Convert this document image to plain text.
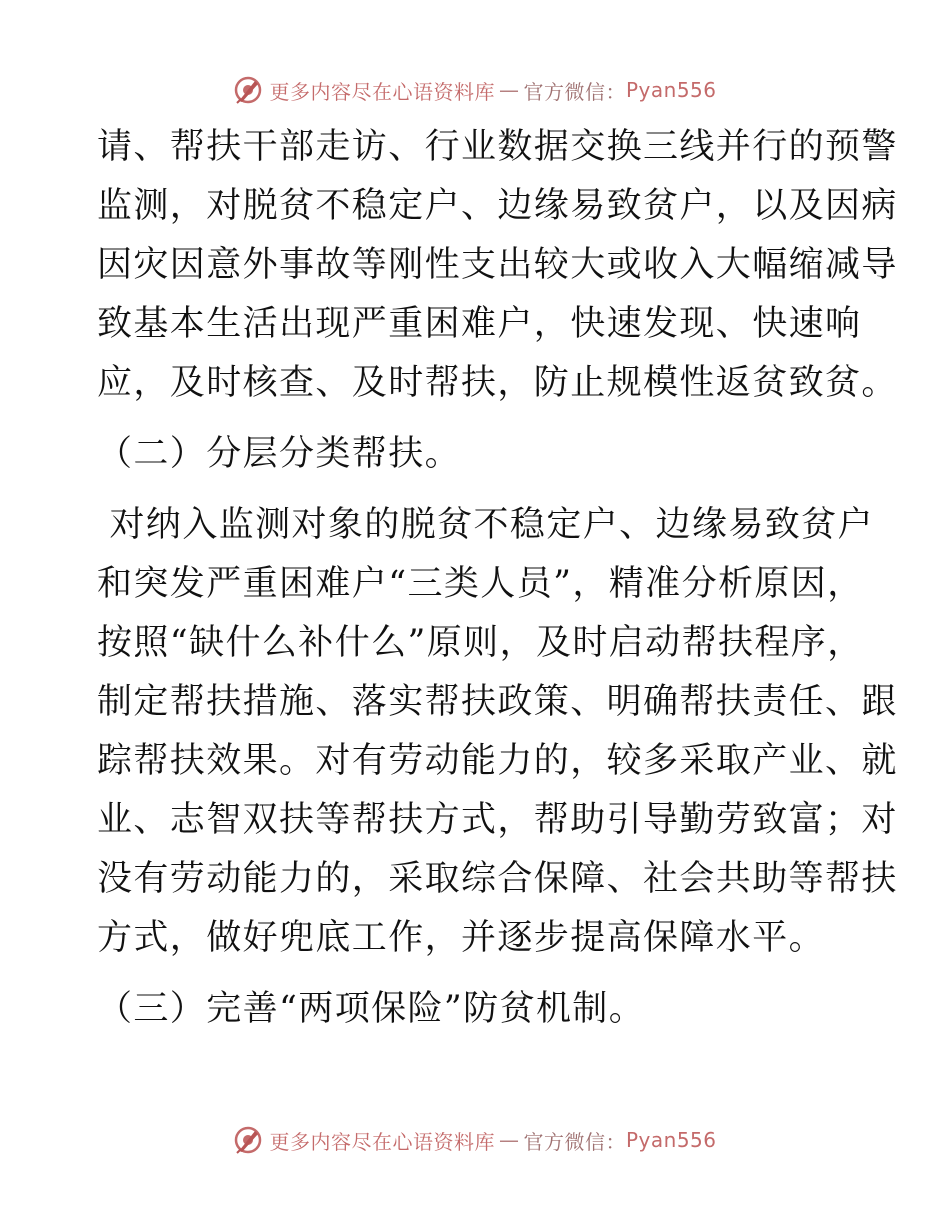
更多内容尽在心语资料库 — 官方微信： Pyan556
请、帮扶干部走访、行业数据交换三线并行的预警
监测，对脱贫不稳定户、边缘易致贫户，以及因病
因灾因意外事故等刚性支出较大或收入大幅缩减导
致基本生活出现严重困难户，快速发现、快速响
应，及时核查、及时帮扶，防止规模性返贫致贫。
（二）分层分类帮扶。
对纳入监测对象的脱贫不稳定户、边缘易致贫户
和突发严重困难户“三类人员”，精准分析原因，
按照“缺什么补什么”原则，及时启动帮扶程序，
制定帮扶措施、落实帮扶政策、明确帮扶责任、跟
踪帮扶效果。对有劳动能力的，较多采取产业、就
业、志智双扶等帮扶方式，帮助引导勤劳致富；对
没有劳动能力的，采取综合保障、社会共助等帮扶
方式，做好兜底工作，并逐步提高保障水平。
（三）完善“两项保险”防贫机制。
更多内容尽在心语资料库 — 官方微信： Pyan556
